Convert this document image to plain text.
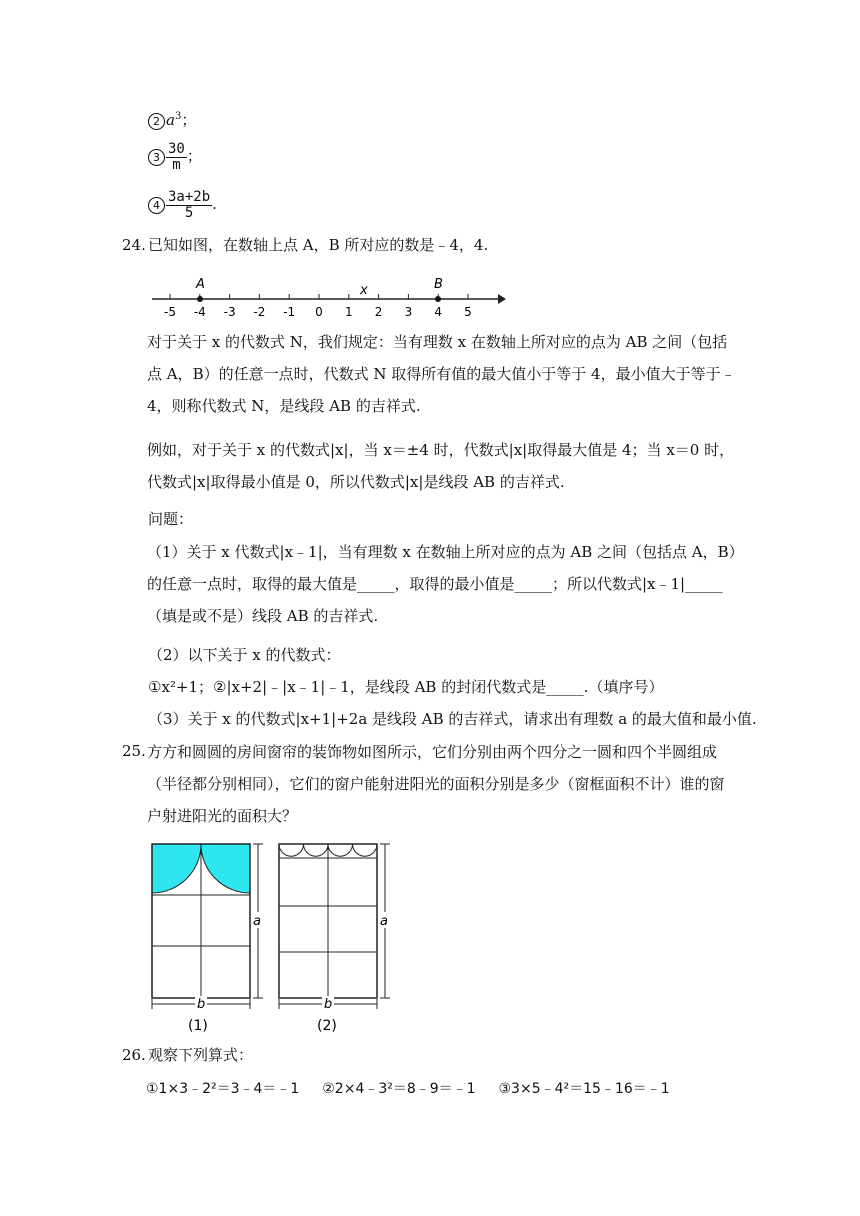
2 $a^3$；
$3 \frac{30}{m}$ ；
$4 \frac{3a+2b}{5}$ .
24. 已知如图，在数轴上点 A，B 所对应的数是﹣4，4.
-5 -4 -3 -2 -1 0 1 2 3 4 5
A	B
x
对于关于 x 的代数式 N，我们规定：当有理数 x 在数轴上所对应的点为 AB 之间（包括点 A，B）的任意一点时，代数式 N 取得所有值的最大值小于等于 4，最小值大于等于﹣4，则称代数式 N，是线段 AB 的吉祥式.
例如，对于关于 x 的代数式|x|，当 x＝±4 时，代数式|x|取得最大值是 4；当 x＝0 时，代数式|x|取得最小值是 0，所以代数式|x|是线段 AB 的吉祥式.
问题：
（1）关于 x 代数式|x﹣1|，当有理数 x 在数轴上所对应的点为 AB 之间（包括点 A，B）的任意一点时，取得的最大值是_____，取得的最小值是_____；所以代数式|x﹣1|_____（填是或不是）线段 AB 的吉祥式.
（2）以下关于 x 的代数式：
①x²+1；②|x+2|﹣|x﹣1|﹣1，是线段 AB 的封闭代数式是_____.（填序号）
（3）关于 x 的代数式|x+1|+2a 是线段 AB 的吉祥式，请求出有理数 a 的最大值和最小值.
25. 方方和圆圆的房间窗帘的装饰物如图所示，它们分别由两个四分之一圆和四个半圆组成（半径都分别相同），它们的窗户能射进阳光的面积分别是多少（窗框面积不计）谁的窗户射进阳光的面积大？
a
b
(1)
a
b
(2)
26. 观察下列算式：
①1×3﹣2²＝3﹣4＝﹣1 ②2×4﹣3²＝8﹣9＝﹣1 ③3×5﹣4²＝15﹣16＝﹣1
